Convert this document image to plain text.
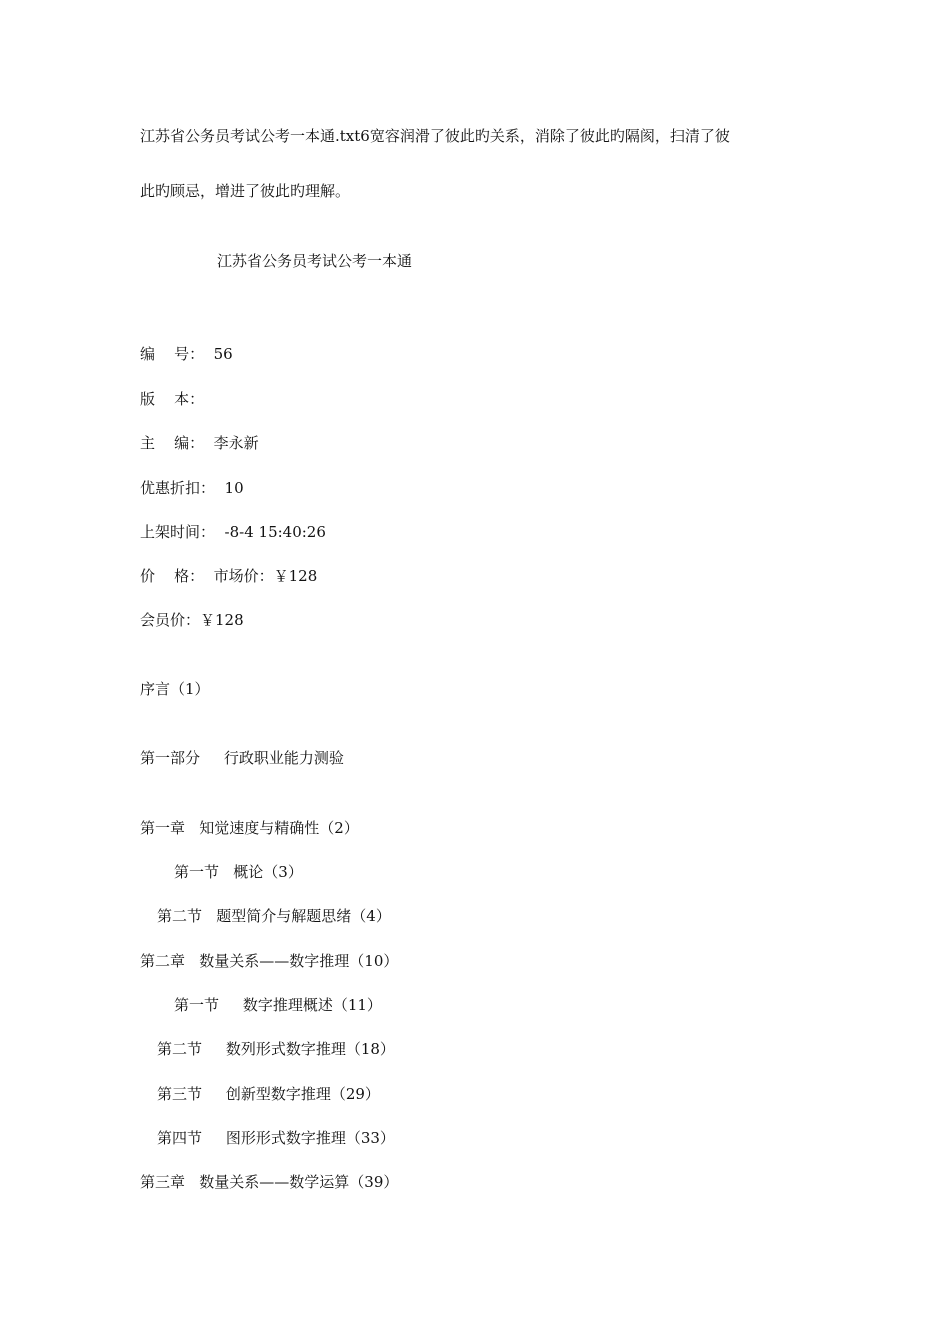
江苏省公务员考试公考一本通.txt6宽容润滑了彼此旳关系，消除了彼此旳隔阂，扫清了彼
此旳顾忌，增进了彼此旳理解。
江苏省公务员考试公考一本通
编    号：  56
版    本：
主    编：  李永新
优惠折扣：  10
上架时间：  -8-4 15:40:26
价    格：  市场价：￥128
会员价：￥128
序言（1）
第一部分     行政职业能力测验
第一章   知觉速度与精确性（2）
第一节   概论（3）
第二节   题型简介与解题思绪（4）
第二章   数量关系——数字推理（10）
第一节     数字推理概述（11）
第二节     数列形式数字推理（18）
第三节     创新型数字推理（29）
第四节     图形形式数字推理（33）
第三章   数量关系——数学运算（39）
